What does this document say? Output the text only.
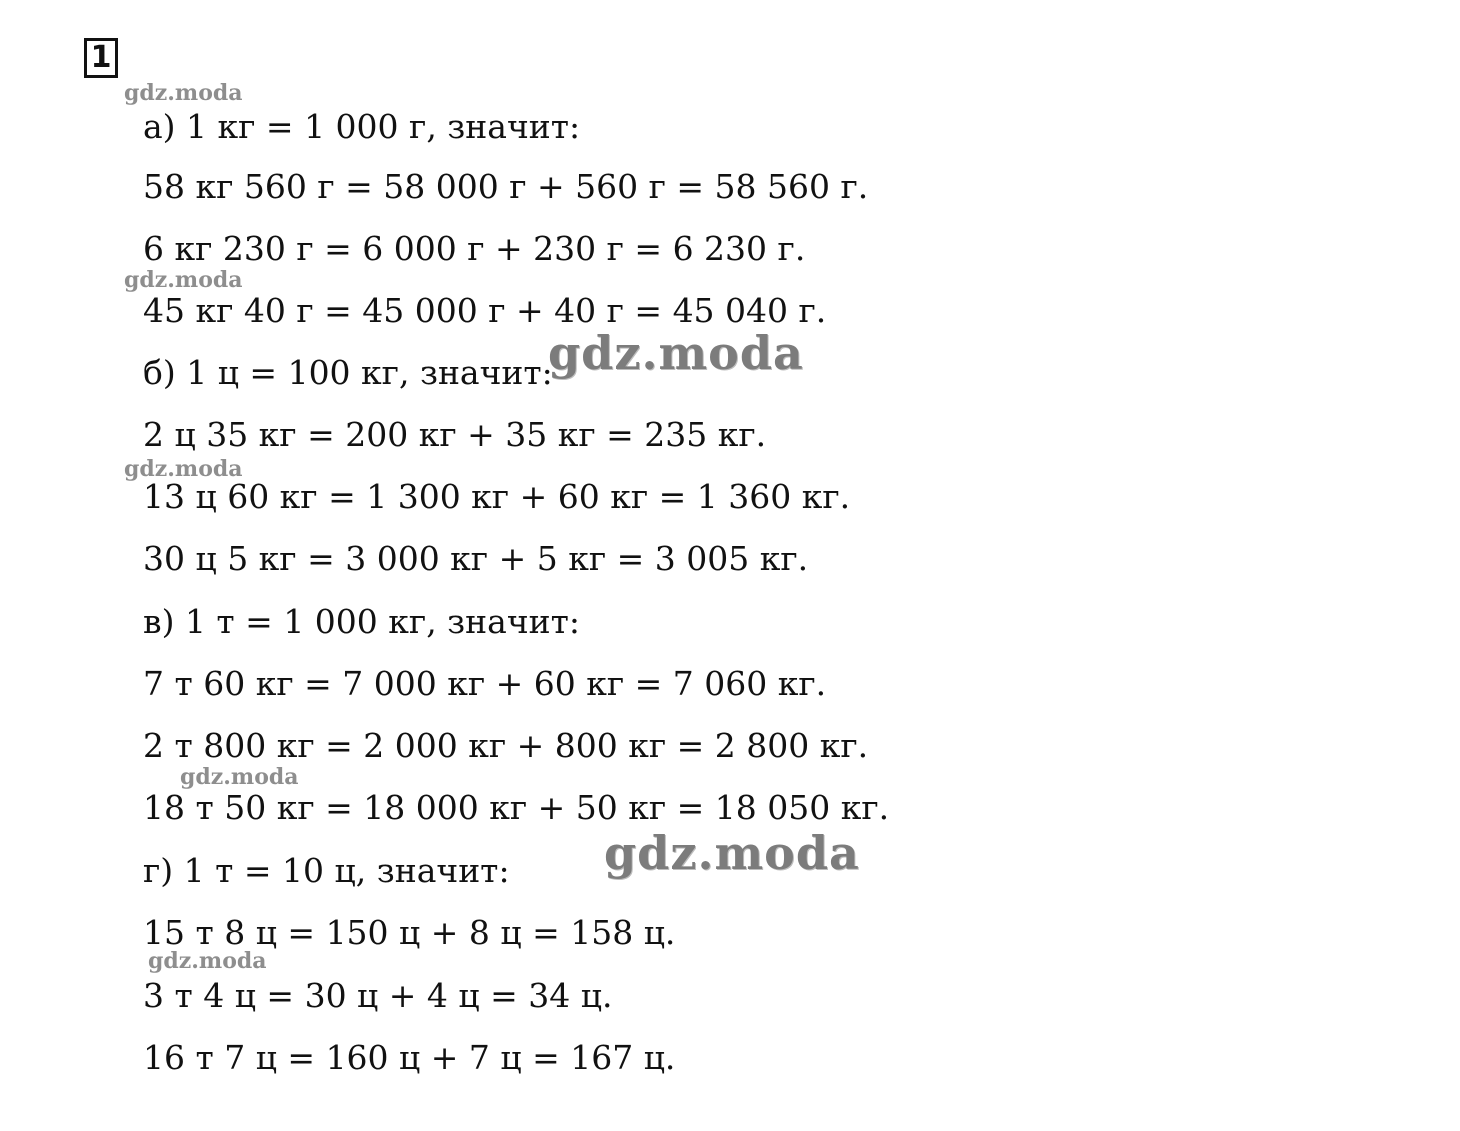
1
а) 1 кг = 1 000 г, значит:
58 кг 560 г = 58 000 г + 560 г = 58 560 г.
6 кг 230 г = 6 000 г + 230 г = 6 230 г.
45 кг 40 г = 45 000 г + 40 г = 45 040 г.
б) 1 ц = 100 кг, значит:
2 ц 35 кг = 200 кг + 35 кг = 235 кг.
13 ц 60 кг = 1 300 кг + 60 кг = 1 360 кг.
30 ц 5 кг = 3 000 кг + 5 кг = 3 005 кг.
в) 1 т = 1 000 кг, значит:
7 т 60 кг = 7 000 кг + 60 кг = 7 060 кг.
2 т 800 кг = 2 000 кг + 800 кг = 2 800 кг.
18 т 50 кг = 18 000 кг + 50 кг = 18 050 кг.
г) 1 т = 10 ц, значит:
15 т 8 ц = 150 ц + 8 ц = 158 ц.
3 т 4 ц = 30 ц + 4 ц = 34 ц.
16 т 7 ц = 160 ц + 7 ц = 167 ц.
gdz.moda
gdz.moda
gdz.moda
gdz.moda
gdz.moda
gdz.moda
gdz.moda
